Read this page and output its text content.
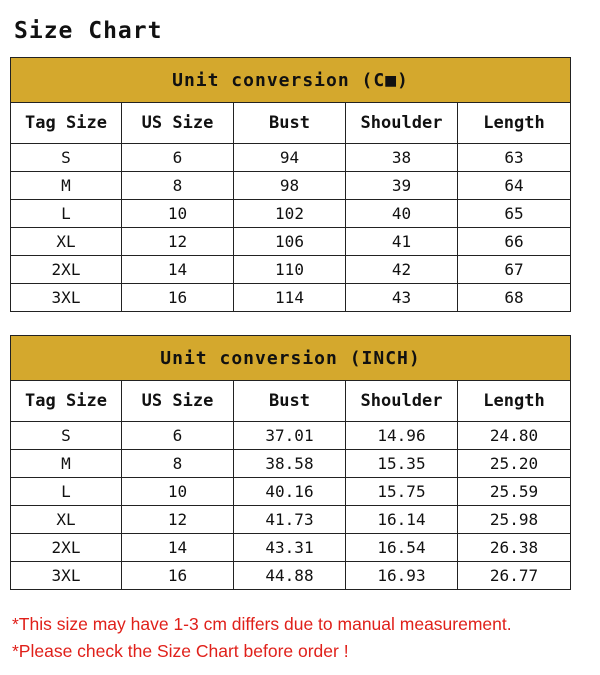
Size Chart
Unit conversion (C■)				
Tag Size	US Size	Bust	Shoulder	Length
S	6	94	38	63
M	8	98	39	64
L	10	102	40	65
XL	12	106	41	66
2XL	14	110	42	67
3XL	16	114	43	68
Unit conversion (INCH)				
Tag Size	US Size	Bust	Shoulder	Length
S	6	37.01	14.96	24.80
M	8	38.58	15.35	25.20
L	10	40.16	15.75	25.59
XL	12	41.73	16.14	25.98
2XL	14	43.31	16.54	26.38
3XL	16	44.88	16.93	26.77
*This size may have 1-3 cm differs due to manual measurement.
*Please check the Size Chart before order !
